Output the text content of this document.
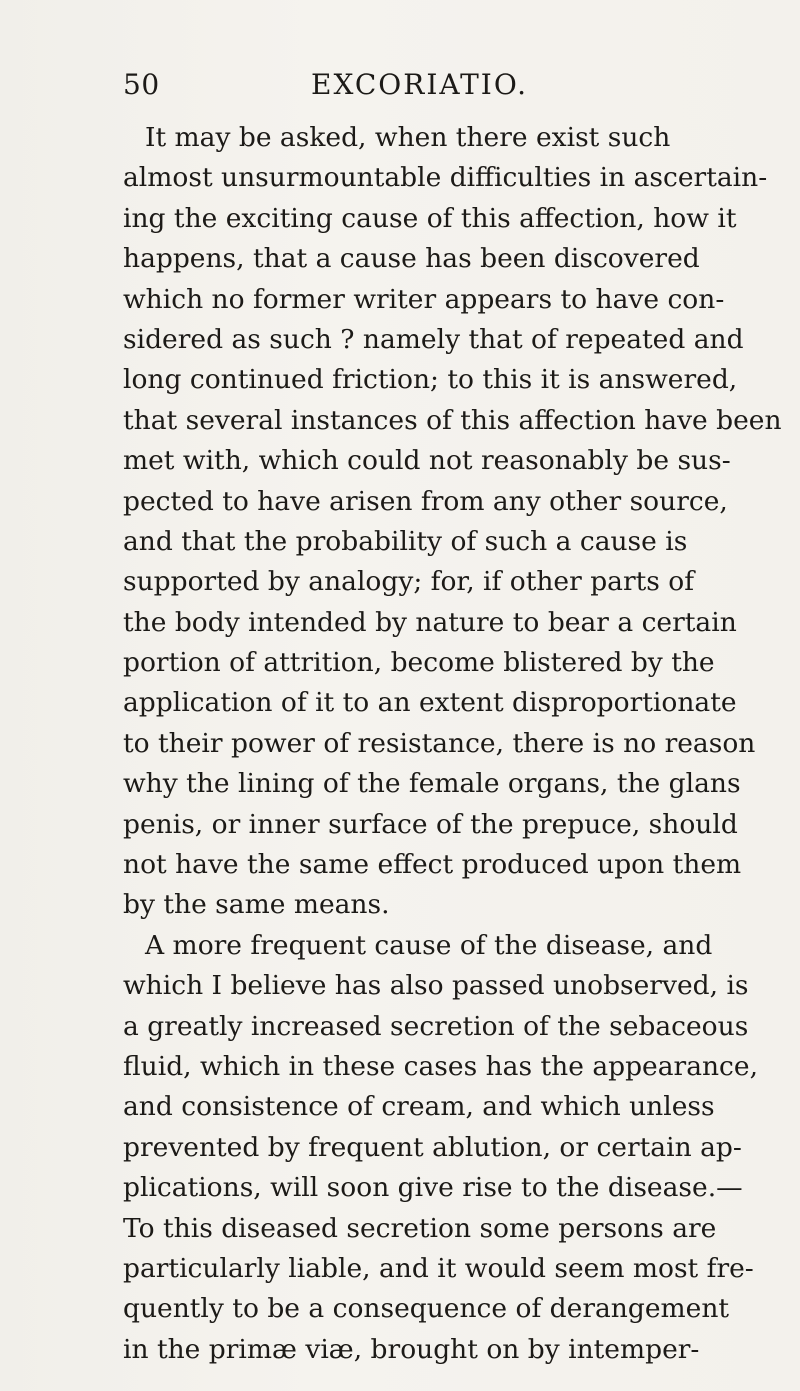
50	EXCORIATIO.
It may be asked, when there exist such
almost unsurmountable difficulties in ascertain-
ing the exciting cause of this affection, how it
happens, that a cause has been discovered
which no former writer appears to have con-
sidered as such ? namely that of repeated and
long continued friction; to this it is answered,
that several instances of this affection have been
met with, which could not reasonably be sus-
pected to have arisen from any other source,
and that the probability of such a cause is
supported by analogy; for, if other parts of
the body intended by nature to bear a certain
portion of attrition, become blistered by the
application of it to an extent disproportionate
to their power of resistance, there is no reason
why the lining of the female organs, the glans
penis, or inner surface of the prepuce, should
not have the same effect produced upon them
by the same means.
A more frequent cause of the disease, and
which I believe has also passed unobserved, is
a greatly increased secretion of the sebaceous
fluid, which in these cases has the appearance,
and consistence of cream, and which unless
prevented by frequent ablution, or certain ap-
plications, will soon give rise to the disease.—
To this diseased secretion some persons are
particularly liable, and it would seem most fre-
quently to be a consequence of derangement
in the primæ viæ, brought on by intemper-
